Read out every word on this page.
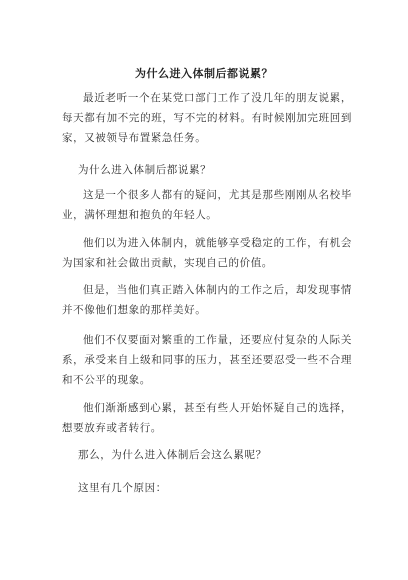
为什么进入体制后都说累？

最近老听一个在某党口部门工作了没几年的朋友说累，每天都有加不完的班，写不完的材料。有时候刚加完班回到家，又被领导布置紧急任务。

为什么进入体制后都说累？

这是一个很多人都有的疑问，尤其是那些刚刚从名校毕业，满怀理想和抱负的年轻人。

他们以为进入体制内，就能够享受稳定的工作，有机会为国家和社会做出贡献，实现自己的价值。

但是，当他们真正踏入体制内的工作之后，却发现事情并不像他们想象的那样美好。

他们不仅要面对繁重的工作量，还要应付复杂的人际关系，承受来自上级和同事的压力，甚至还要忍受一些不合理和不公平的现象。

他们渐渐感到心累，甚至有些人开始怀疑自己的选择，想要放弃或者转行。

那么，为什么进入体制后会这么累呢？

这里有几个原因：
